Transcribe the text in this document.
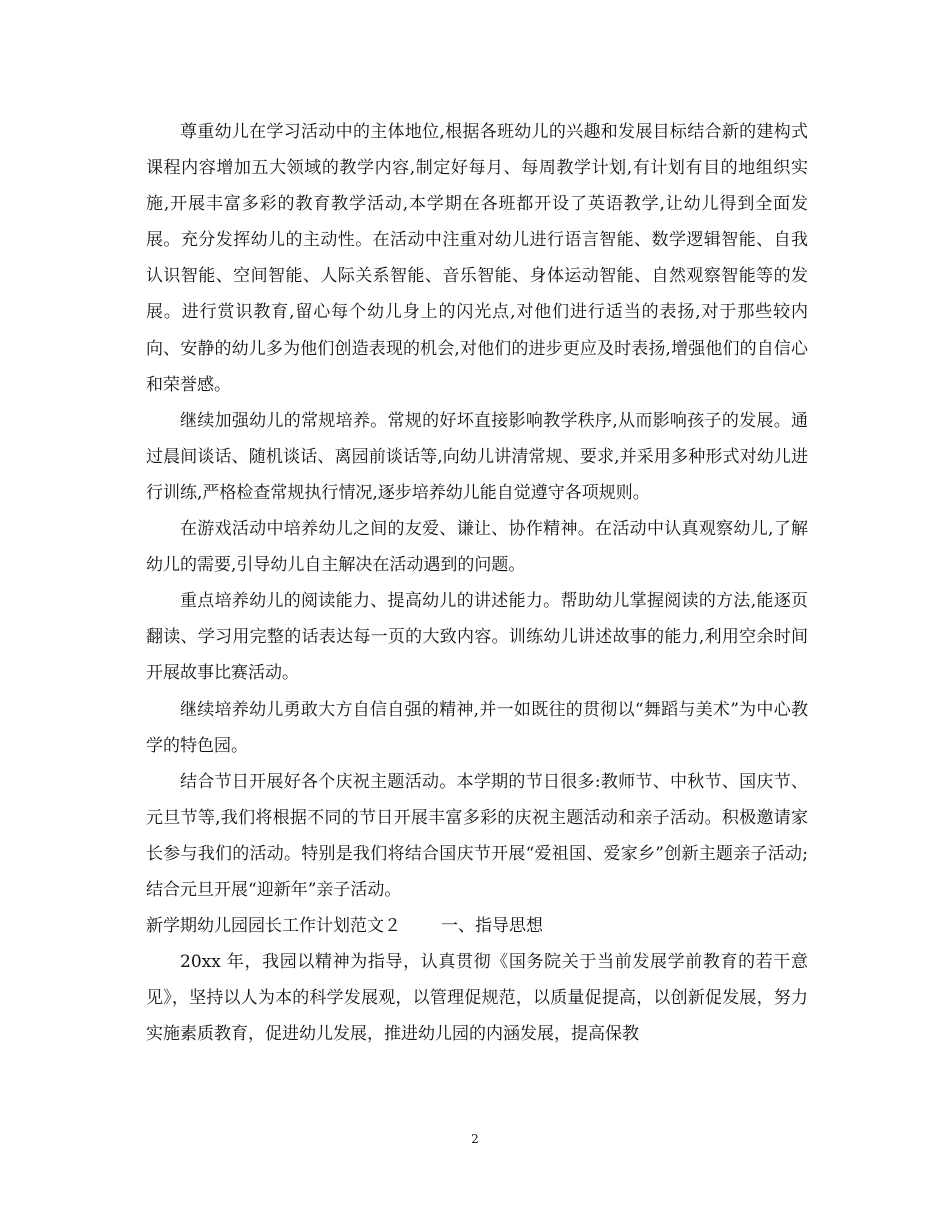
尊重幼儿在学习活动中的主体地位,根据各班幼儿的兴趣和发展目标结合新的建构式课程内容增加五大领域的教学内容,制定好每月、每周教学计划,有计划有目的地组织实施,开展丰富多彩的教育教学活动,本学期在各班都开设了英语教学,让幼儿得到全面发展。充分发挥幼儿的主动性。在活动中注重对幼儿进行语言智能、数学逻辑智能、自我认识智能、空间智能、人际关系智能、音乐智能、身体运动智能、自然观察智能等的发展。进行赏识教育,留心每个幼儿身上的闪光点,对他们进行适当的表扬,对于那些较内向、安静的幼儿多为他们创造表现的机会,对他们的进步更应及时表扬,增强他们的自信心和荣誉感。

继续加强幼儿的常规培养。常规的好坏直接影响教学秩序,从而影响孩子的发展。通过晨间谈话、随机谈话、离园前谈话等,向幼儿讲清常规、要求,并采用多种形式对幼儿进行训练,严格检查常规执行情况,逐步培养幼儿能自觉遵守各项规则。

在游戏活动中培养幼儿之间的友爱、谦让、协作精神。在活动中认真观察幼儿,了解幼儿的需要,引导幼儿自主解决在活动遇到的问题。

重点培养幼儿的阅读能力、提高幼儿的讲述能力。帮助幼儿掌握阅读的方法,能逐页翻读、学习用完整的话表达每一页的大致内容。训练幼儿讲述故事的能力,利用空余时间开展故事比赛活动。

继续培养幼儿勇敢大方自信自强的精神,并一如既往的贯彻以“舞蹈与美术”为中心教学的特色园。

结合节日开展好各个庆祝主题活动。本学期的节日很多:教师节、中秋节、国庆节、元旦节等,我们将根据不同的节日开展丰富多彩的庆祝主题活动和亲子活动。积极邀请家长参与我们的活动。特别是我们将结合国庆节开展“爱祖国、爱家乡”创新主题亲子活动;结合元旦开展“迎新年”亲子活动。

新学期幼儿园园长工作计划范文２ 一、指导思想

20xx 年，我园以精神为指导，认真贯彻《国务院关于当前发展学前教育的若干意见》，坚持以人为本的科学发展观，以管理促规范，以质量促提高，以创新促发展，努力实施素质教育，促进幼儿发展，推进幼儿园的内涵发展，提高保教

2
